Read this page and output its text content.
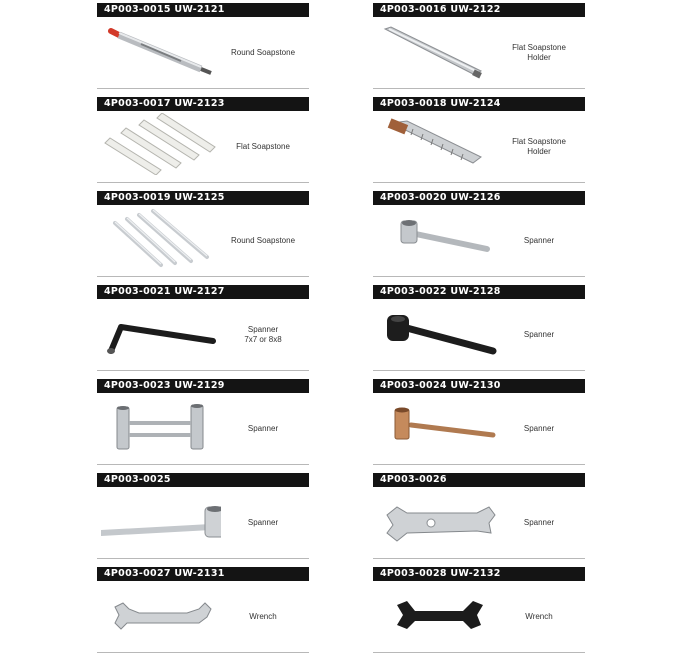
4P003-0015 UW-2121
Round Soapstone
4P003-0016 UW-2122
Flat Soapstone
Holder
4P003-0017 UW-2123
Flat Soapstone
4P003-0018 UW-2124
Flat Soapstone
Holder
4P003-0019 UW-2125
Round Soapstone
4P003-0020 UW-2126
Spanner
4P003-0021 UW-2127
Spanner
7x7 or 8x8
4P003-0022 UW-2128
Spanner
4P003-0023 UW-2129
Spanner
4P003-0024 UW-2130
Spanner
4P003-0025
Spanner
4P003-0026
Spanner
4P003-0027 UW-2131
Wrench
4P003-0028 UW-2132
Wrench
